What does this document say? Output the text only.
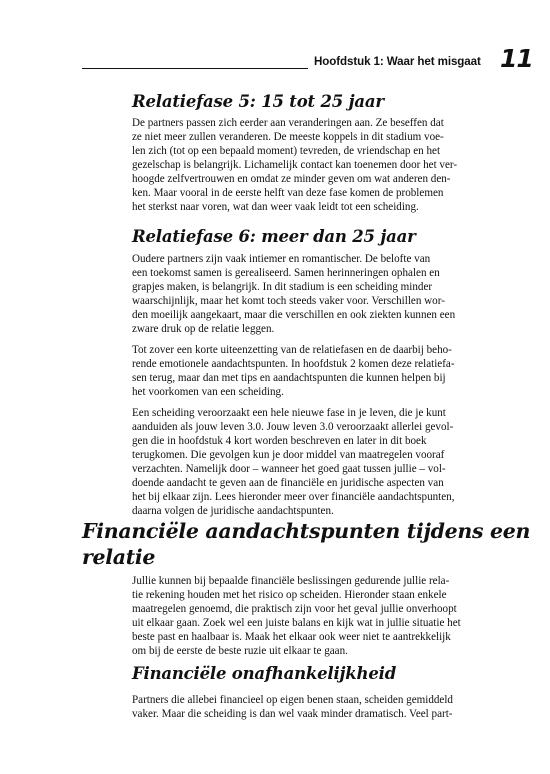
Hoofdstuk 1: Waar het misgaat 11
Relatiefase 5: 15 tot 25 jaar

De partners passen zich eerder aan veranderingen aan. Ze beseffen dat
ze niet meer zullen veranderen. De meeste koppels in dit stadium voe-
len zich (tot op een bepaald moment) tevreden, de vriendschap en het
gezelschap is belangrijk. Lichamelijk contact kan toenemen door het ver-
hoogde zelfvertrouwen en omdat ze minder geven om wat anderen den-
ken. Maar vooral in de eerste helft van deze fase komen de problemen
het sterkst naar voren, wat dan weer vaak leidt tot een scheiding.

Relatiefase 6: meer dan 25 jaar

Oudere partners zijn vaak intiemer en romantischer. De belofte van
een toekomst samen is gerealiseerd. Samen herinneringen ophalen en
grapjes maken, is belangrijk. In dit stadium is een scheiding minder
waarschijnlijk, maar het komt toch steeds vaker voor. Verschillen wor-
den moeilijk aangekaart, maar die verschillen en ook ziekten kunnen een
zware druk op de relatie leggen.

Tot zover een korte uiteenzetting van de relatiefasen en de daarbij beho-
rende emotionele aandachtspunten. In hoofdstuk 2 komen deze relatiefa-
sen terug, maar dan met tips en aandachtspunten die kunnen helpen bij
het voorkomen van een scheiding.

Een scheiding veroorzaakt een hele nieuwe fase in je leven, die je kunt
aanduiden als jouw leven 3.0. Jouw leven 3.0 veroorzaakt allerlei gevol-
gen die in hoofdstuk 4 kort worden beschreven en later in dit boek
terugkomen. Die gevolgen kun je door middel van maatregelen vooraf
verzachten. Namelijk door – wanneer het goed gaat tussen jullie – vol-
doende aandacht te geven aan de financiële en juridische aspecten van
het bij elkaar zijn. Lees hieronder meer over financiële aandachtspunten,
daarna volgen de juridische aandachtspunten.

Financiële aandachtspunten tijdens een
relatie

Jullie kunnen bij bepaalde financiële beslissingen gedurende jullie rela-
tie rekening houden met het risico op scheiden. Hieronder staan enkele
maatregelen genoemd, die praktisch zijn voor het geval jullie onverhoopt
uit elkaar gaan. Zoek wel een juiste balans en kijk wat in jullie situatie het
beste past en haalbaar is. Maak het elkaar ook weer niet te aantrekkelijk
om bij de eerste de beste ruzie uit elkaar te gaan.

Financiële onafhankelijkheid

Partners die allebei financieel op eigen benen staan, scheiden gemiddeld
vaker. Maar die scheiding is dan wel vaak minder dramatisch. Veel part-
